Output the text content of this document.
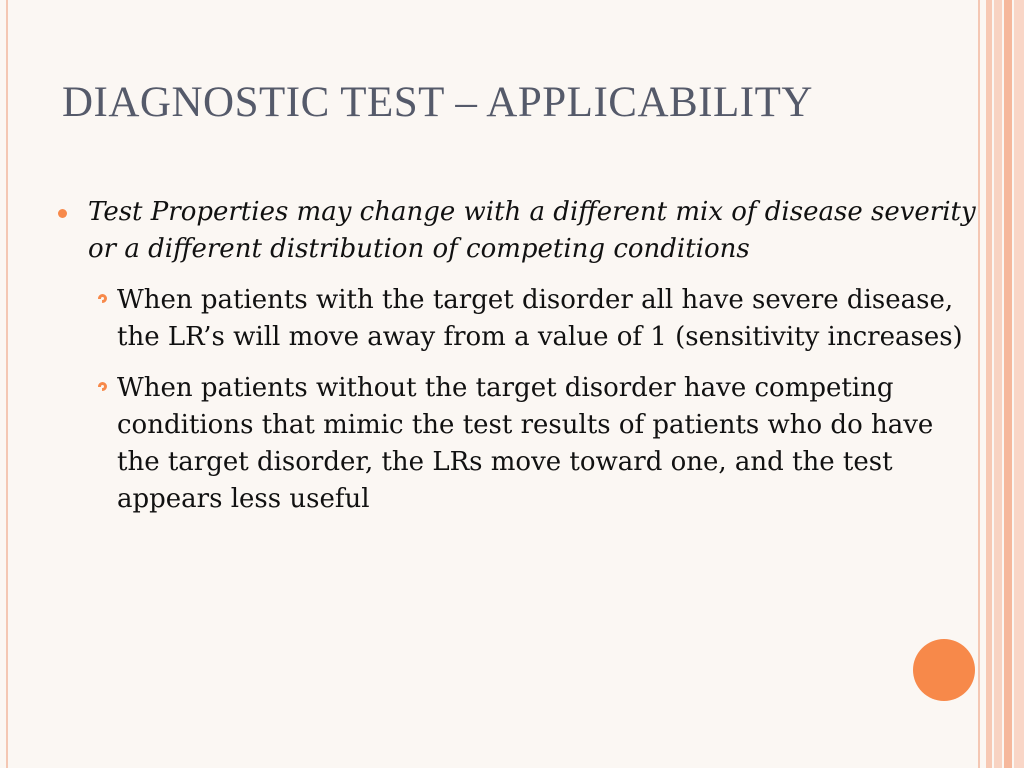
DIAGNOSTIC TEST – APPLICABILITY
Test Properties may change with a different mix of disease severity or a different distribution of competing conditions
When patients with the target disorder all have severe disease, the LR’s will move away from a value of 1 (sensitivity increases)
When patients without the target disorder have competing conditions that mimic the test results of patients who do have the target disorder, the LRs move toward one, and the test appears less useful
